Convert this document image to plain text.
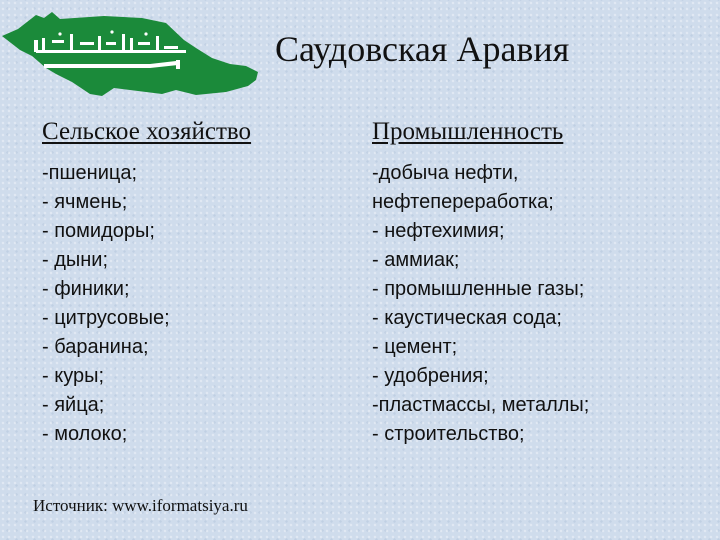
Саудовская Аравия
Сельское хозяйство
-пшеница;
- ячмень;
- помидоры;
- дыни;
- финики;
- цитрусовые;
- баранина;
- куры;
- яйца;
- молоко;
Промышленность
-добыча нефти,
нефтепереработка;
- нефтехимия;
- аммиак;
- промышленные газы;
- каустическая сода;
- цемент;
- удобрения;
-пластмассы, металлы;
- строительство;
Источник: www.iformatsiya.ru
